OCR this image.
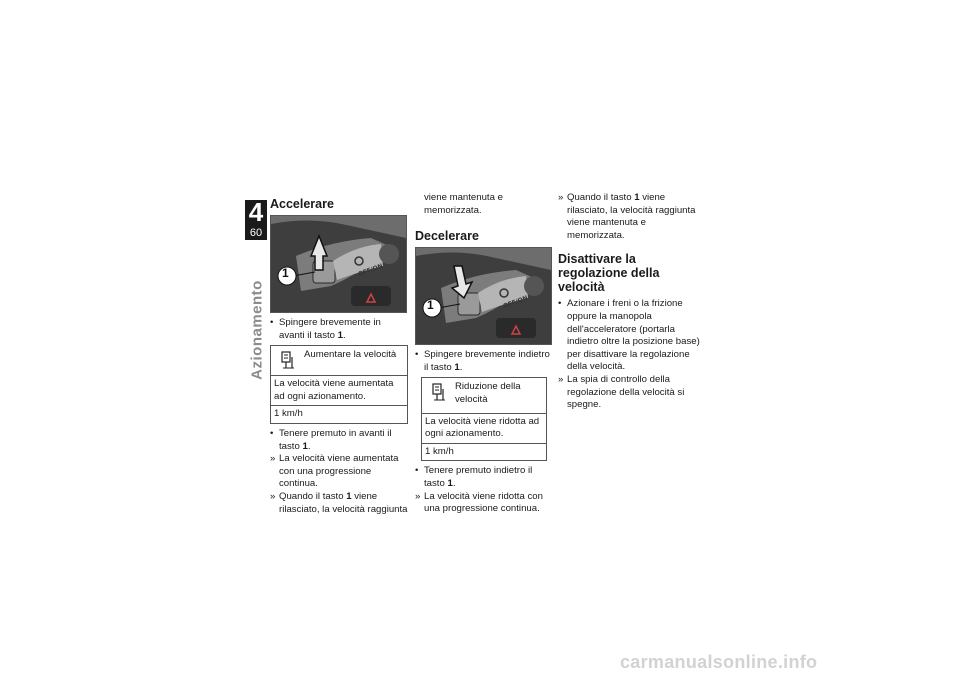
4
60
Azionamento
Accelerare
OFF/ON
1
• Spingere brevemente in avanti il tasto 1.
Aumentare la velocità
La velocità viene aumentata ad ogni azionamento.
1 km/h
• Tenere premuto in avanti il tasto 1.
» La velocità viene aumentata con una progressione continua.
» Quando il tasto 1 viene rilasciato, la velocità raggiunta
viene mantenuta e memorizzata.
Decelerare
OFF/ON
1
• Spingere brevemente indietro il tasto 1.
Riduzione della velocità
La velocità viene ridotta ad ogni azionamento.
1 km/h
• Tenere premuto indietro il tasto 1.
» La velocità viene ridotta con una progressione continua.
» Quando il tasto 1 viene rilasciato, la velocità raggiunta viene mantenuta e memorizzata.
Disattivare la regolazione della velocità
• Azionare i freni o la frizione oppure la manopola dell'acceleratore (portarla indietro oltre la posizione base) per disattivare la regolazione della velocità.
» La spia di controllo della regolazione della velocità si spegne.
carmanualsonline.info
